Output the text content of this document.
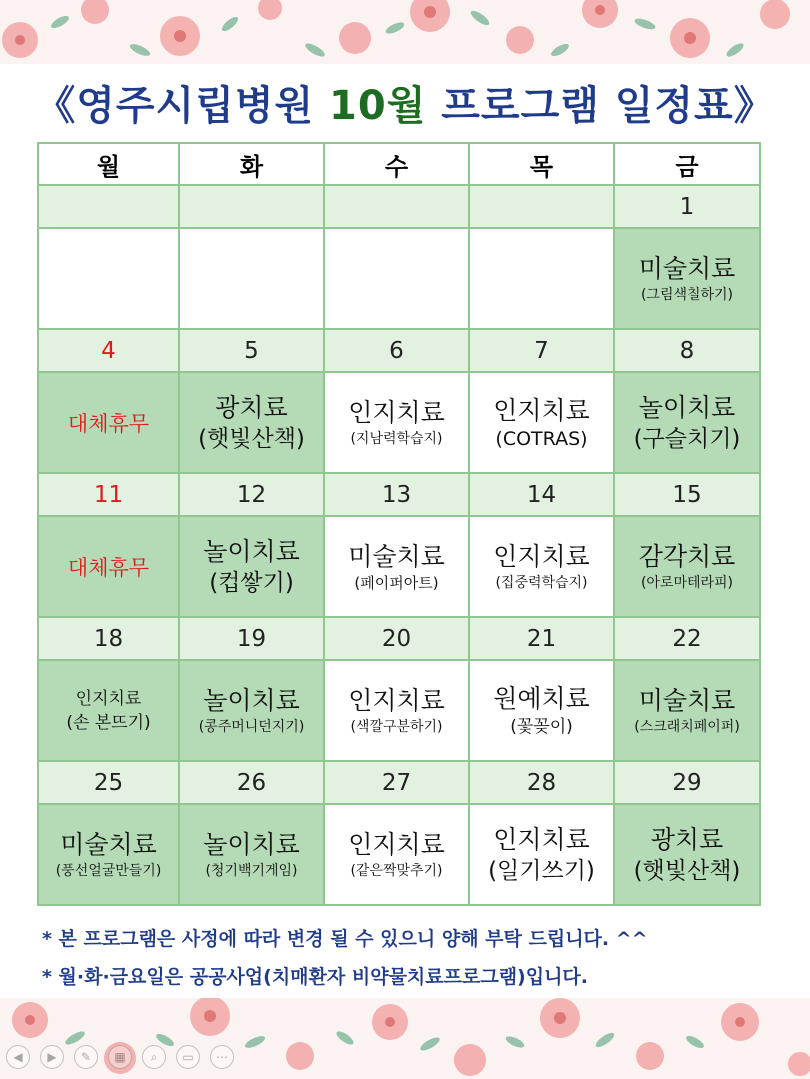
《영주시립병원 10월 프로그램 일정표》
월	화	수	목	금
				1

				미술치료
(그림색칠하기)

4	5	6	7	8

대체휴무	광치료
(햇빛산책)	인지치료
(지남력학습지)	인지치료
(COTRAS)	놀이치료
(구슬치기)

11	12	13	14	15

대체휴무	놀이치료
(컵쌓기)	미술치료
(페이퍼아트)	인지치료
(집중력학습지)	감각치료
(아로마테라피)

18	19	20	21	22

인지치료
(손 본뜨기)	놀이치료
(콩주머니던지기)	인지치료
(색깔구분하기)	원예치료
(꽃꽂이)	미술치료
(스크래치페이퍼)

25	26	27	28	29

미술치료
(풍선얼굴만들기)	놀이치료
(청기백기게임)	인지치료
(같은짝맞추기)	인지치료
(일기쓰기)	광치료
(햇빛산책)
* 본 프로그램은 사정에 따라 변경 될 수 있으니 양해 부탁 드립니다. ^^
* 월·화·금요일은 공공사업(치매환자 비약물치료프로그램)입니다.
◀	▶	✎	▦	⌕	▭	⋯
